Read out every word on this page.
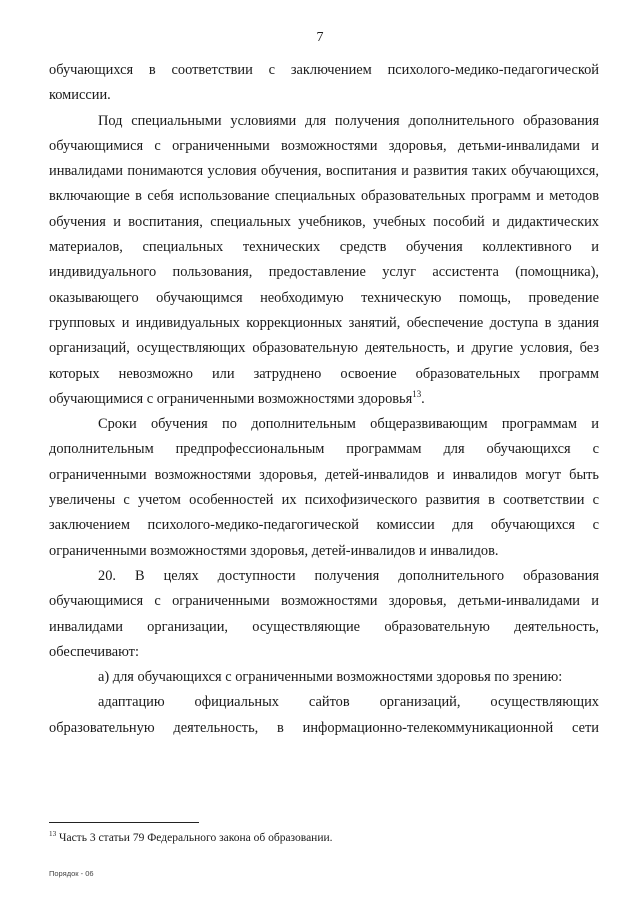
7

обучающихся в соответствии с заключением психолого-медико-педагогической комиссии.

Под специальными условиями для получения дополнительного образования обучающимися с ограниченными возможностями здоровья, детьми-инвалидами и инвалидами понимаются условия обучения, воспитания и развития таких обучающихся, включающие в себя использование специальных образовательных программ и методов обучения и воспитания, специальных учебников, учебных пособий и дидактических материалов, специальных технических средств обучения коллективного и индивидуального пользования, предоставление услуг ассистента (помощника), оказывающего обучающимся необходимую техническую помощь, проведение групповых и индивидуальных коррекционных занятий, обеспечение доступа в здания организаций, осуществляющих образовательную деятельность, и другие условия, без которых невозможно или затруднено освоение образовательных программ обучающимися с ограниченными возможностями здоровья$^{13}$.

Сроки обучения по дополнительным общеразвивающим программам и дополнительным предпрофессиональным программам для обучающихся с ограниченными возможностями здоровья, детей-инвалидов и инвалидов могут быть увеличены с учетом особенностей их психофизического развития в соответствии с заключением психолого-медико-педагогической комиссии для обучающихся с ограниченными возможностями здоровья, детей-инвалидов и инвалидов.

20. В целях доступности получения дополнительного образования обучающимися с ограниченными возможностями здоровья, детьми-инвалидами и инвалидами организации, осуществляющие образовательную деятельность, обеспечивают:

а) для обучающихся с ограниченными возможностями здоровья по зрению:

адаптацию официальных сайтов организаций, осуществляющих образовательную деятельность, в информационно-телекоммуникационной сети

$^{13}$ Часть 3 статьи 79 Федерального закона об образовании.
Порядок - 06
